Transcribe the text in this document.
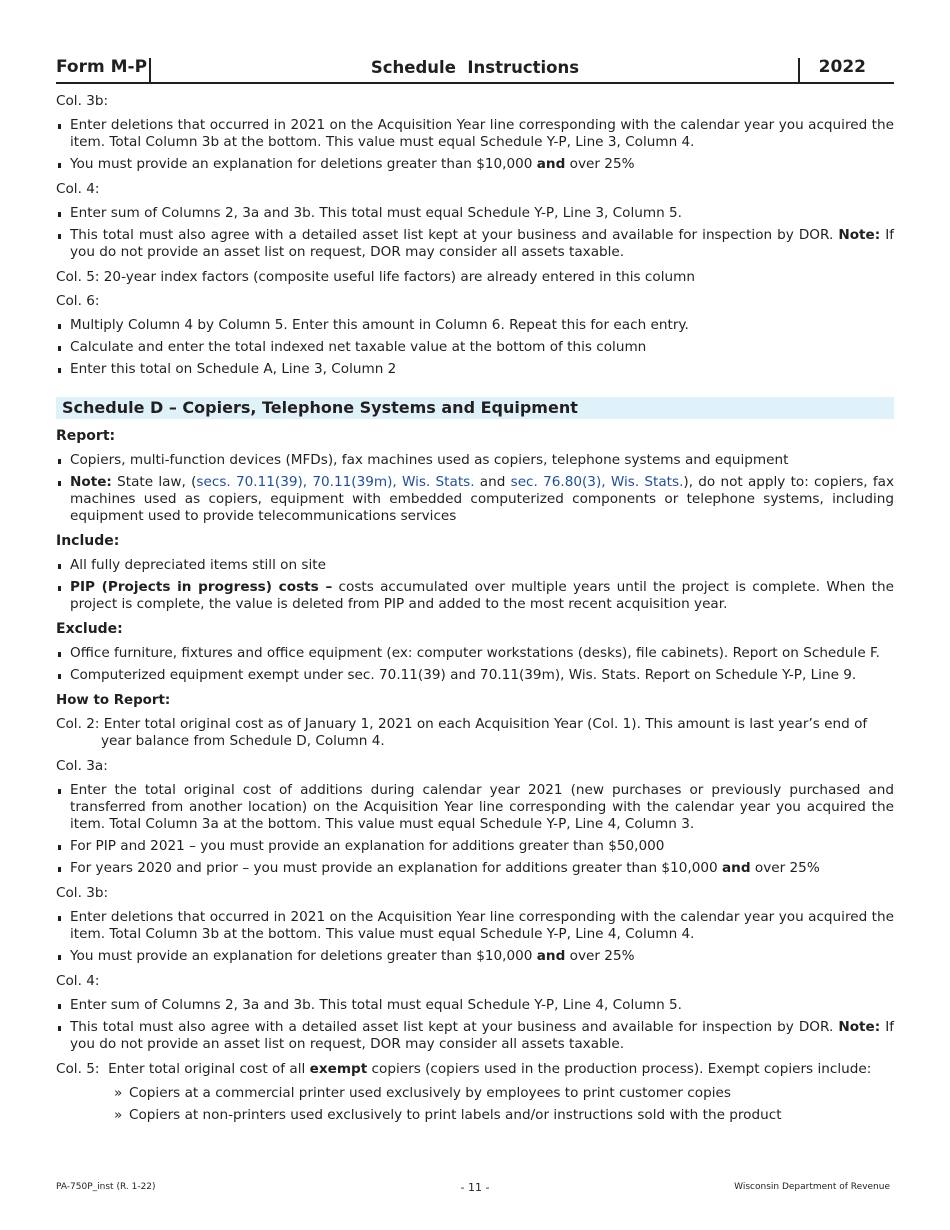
Form M-P	Schedule  Instructions	2022
Col. 3b:
Enter deletions that occurred in 2021 on the Acquisition Year line corresponding with the calendar year you acquired the item. Total Column 3b at the bottom. This value must equal Schedule Y-P, Line 3, Column 4.
You must provide an explanation for deletions greater than $10,000 and over 25%
Col. 4:
Enter sum of Columns 2, 3a and 3b. This total must equal Schedule Y-P, Line 3, Column 5.
This total must also agree with a detailed asset list kept at your business and available for inspection by DOR. Note: If you do not provide an asset list on request, DOR may consider all assets taxable.
Col. 5: 20-year index factors (composite useful life factors) are already entered in this column
Col. 6:
Multiply Column 4 by Column 5. Enter this amount in Column 6. Repeat this for each entry.
Calculate and enter the total indexed net taxable value at the bottom of this column
Enter this total on Schedule A, Line 3, Column 2
Schedule D – Copiers, Telephone Systems and Equipment
Report:
Copiers, multi-function devices (MFDs), fax machines used as copiers, telephone systems and equipment
Note: State law, (secs. 70.11(39), 70.11(39m), Wis. Stats. and sec. 76.80(3), Wis. Stats.), do not apply to: copiers, fax machines used as copiers, equipment with embedded computerized components or telephone systems, including equipment used to provide telecommunications services
Include:
All fully depreciated items still on site
PIP (Projects in progress) costs – costs accumulated over multiple years until the project is complete. When the project is complete, the value is deleted from PIP and added to the most recent acquisition year.
Exclude:
Office furniture, fixtures and office equipment (ex: computer workstations (desks), file cabinets). Report on Schedule F.
Computerized equipment exempt under sec. 70.11(39) and 70.11(39m), Wis. Stats. Report on Schedule Y-P, Line 9.
How to Report:
Col. 2: Enter total original cost as of January 1, 2021 on each Acquisition Year (Col. 1). This amount is last year’s end of year balance from Schedule D, Column 4.
Col. 3a:
Enter the total original cost of additions during calendar year 2021 (new purchases or previously purchased and transferred from another location) on the Acquisition Year line corresponding with the calendar year you acquired the item. Total Column 3a at the bottom. This value must equal Schedule Y-P, Line 4, Column 3.
For PIP and 2021 – you must provide an explanation for additions greater than $50,000
For years 2020 and prior – you must provide an explanation for additions greater than $10,000 and over 25%
Col. 3b:
Enter deletions that occurred in 2021 on the Acquisition Year line corresponding with the calendar year you acquired the item. Total Column 3b at the bottom. This value must equal Schedule Y-P, Line 4, Column 4.
You must provide an explanation for deletions greater than $10,000 and over 25%
Col. 4:
Enter sum of Columns 2, 3a and 3b. This total must equal Schedule Y-P, Line 4, Column 5.
This total must also agree with a detailed asset list kept at your business and available for inspection by DOR. Note: If you do not provide an asset list on request, DOR may consider all assets taxable.
Col. 5:  Enter total original cost of all exempt copiers (copiers used in the production process). Exempt copiers include:
» Copiers at a commercial printer used exclusively by employees to print customer copies
» Copiers at non-printers used exclusively to print labels and/or instructions sold with the product
PA-750P_inst (R. 1-22)	- 11 -	Wisconsin Department of Revenue
